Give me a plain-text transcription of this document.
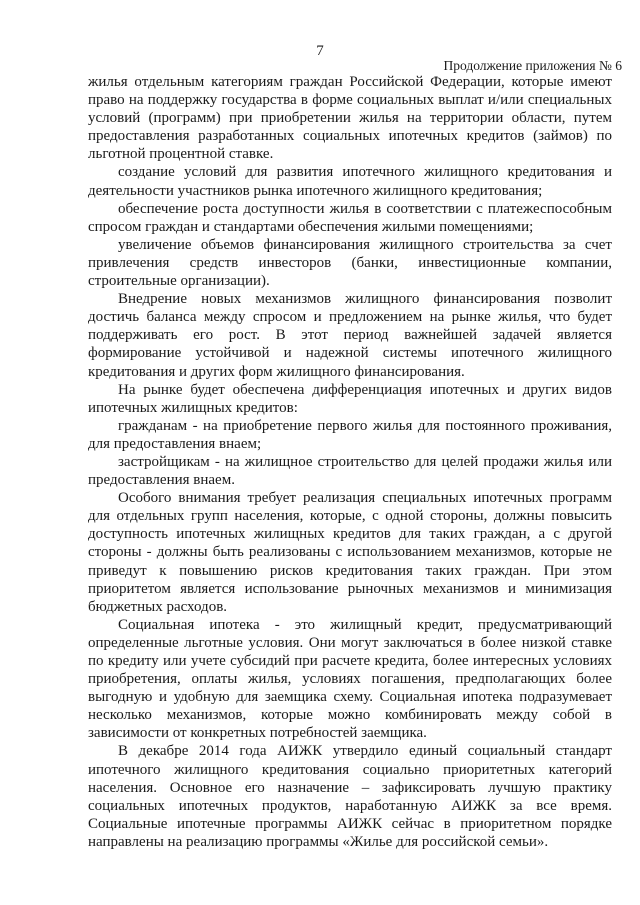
7
Продолжение приложения № 6

жилья отдельным категориям граждан Российской Федерации, которые имеют право на поддержку государства в форме социальных выплат и/или специальных условий (программ) при приобретении жилья на территории области, путем предоставления разработанных социальных ипотечных кредитов (займов) по льготной процентной ставке.

создание условий для развития ипотечного жилищного кредитования и деятельности участников рынка ипотечного жилищного кредитования;

обеспечение роста доступности жилья в соответствии с платежеспособным спросом граждан и стандартами обеспечения жилыми помещениями;

увеличение объемов финансирования жилищного строительства за счет привлечения средств инвесторов (банки, инвестиционные компании, строительные организации).

Внедрение новых механизмов жилищного финансирования позволит достичь баланса между спросом и предложением на рынке жилья, что будет поддерживать его рост. В этот период важнейшей задачей является формирование устойчивой и надежной системы ипотечного жилищного кредитования и других форм жилищного финансирования.

На рынке будет обеспечена дифференциация ипотечных и других видов ипотечных жилищных кредитов:

гражданам - на приобретение первого жилья для постоянного проживания, для предоставления внаем;

застройщикам - на жилищное строительство для целей продажи жилья или предоставления внаем.

Особого внимания требует реализация специальных ипотечных программ для отдельных групп населения, которые, с одной стороны, должны повысить доступность ипотечных жилищных кредитов для таких граждан, а с другой стороны - должны быть реализованы с использованием механизмов, которые не приведут к повышению рисков кредитования таких граждан. При этом приоритетом является использование рыночных механизмов и минимизация бюджетных расходов.

Социальная ипотека - это жилищный кредит, предусматривающий определенные льготные условия. Они могут заключаться в более низкой ставке по кредиту или учете субсидий при расчете кредита, более интересных условиях приобретения, оплаты жилья, условиях погашения, предполагающих более выгодную и удобную для заемщика схему. Социальная ипотека подразумевает несколько механизмов, которые можно комбинировать между собой в зависимости от конкретных потребностей заемщика.

В декабре 2014 года АИЖК утвердило единый социальный стандарт ипотечного жилищного кредитования социально приоритетных категорий населения. Основное его назначение – зафиксировать лучшую практику социальных ипотечных продуктов, наработанную АИЖК за все время. Социальные ипотечные программы АИЖК сейчас в приоритетном порядке направлены на реализацию программы «Жилье для российской семьи».
